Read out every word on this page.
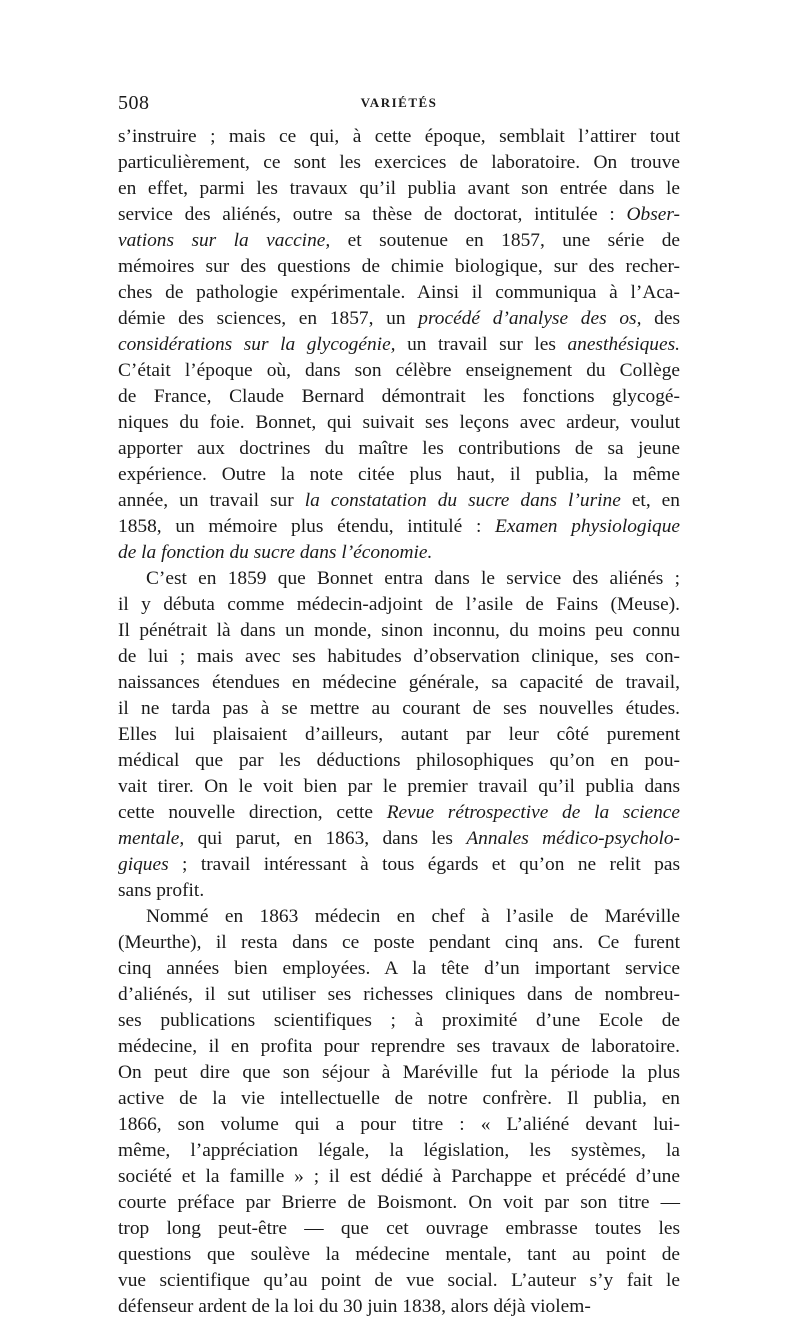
508	VARIÉTÉS

s’instruire ; mais ce qui, à cette époque, semblait l’attirer tout

particulièrement, ce sont les exercices de laboratoire. On trouve

en effet, parmi les travaux qu’il publia avant son entrée dans le

service des aliénés, outre sa thèse de doctorat, intitulée : Obser-

vations sur la vaccine, et soutenue en 1857, une série de

mémoires sur des questions de chimie biologique, sur des recher-

ches de pathologie expérimentale. Ainsi il communiqua à l’Aca-

démie des sciences, en 1857, un procédé d’analyse des os, des

considérations sur la glycogénie, un travail sur les anesthésiques.

C’était l’époque où, dans son célèbre enseignement du Collège

de France, Claude Bernard démontrait les fonctions glycogé-

niques du foie. Bonnet, qui suivait ses leçons avec ardeur, voulut

apporter aux doctrines du maître les contributions de sa jeune

expérience. Outre la note citée plus haut, il publia, la même

année, un travail sur la constatation du sucre dans l’urine et, en

1858, un mémoire plus étendu, intitulé : Examen physiologique

de la fonction du sucre dans l’économie.

C’est en 1859 que Bonnet entra dans le service des aliénés ;

il y débuta comme médecin-adjoint de l’asile de Fains (Meuse).

Il pénétrait là dans un monde, sinon inconnu, du moins peu connu

de lui ; mais avec ses habitudes d’observation clinique, ses con-

naissances étendues en médecine générale, sa capacité de travail,

il ne tarda pas à se mettre au courant de ses nouvelles études.

Elles lui plaisaient d’ailleurs, autant par leur côté purement

médical que par les déductions philosophiques qu’on en pou-

vait tirer. On le voit bien par le premier travail qu’il publia dans

cette nouvelle direction, cette Revue rétrospective de la science

mentale, qui parut, en 1863, dans les Annales médico-psycholo-

giques ; travail intéressant à tous égards et qu’on ne relit pas

sans profit.

Nommé en 1863 médecin en chef à l’asile de Maréville

(Meurthe), il resta dans ce poste pendant cinq ans. Ce furent

cinq années bien employées. A la tête d’un important service

d’aliénés, il sut utiliser ses richesses cliniques dans de nombreu-

ses publications scientifiques ; à proximité d’une Ecole de

médecine, il en profita pour reprendre ses travaux de laboratoire.

On peut dire que son séjour à Maréville fut la période la plus

active de la vie intellectuelle de notre confrère. Il publia, en

1866, son volume qui a pour titre : « L’aliéné devant lui-

même, l’appréciation légale, la législation, les systèmes, la

société et la famille » ; il est dédié à Parchappe et précédé d’une

courte préface par Brierre de Boismont. On voit par son titre —

trop long peut-être — que cet ouvrage embrasse toutes les

questions que soulève la médecine mentale, tant au point de

vue scientifique qu’au point de vue social. L’auteur s’y fait le

défenseur ardent de la loi du 30 juin 1838, alors déjà violem-
